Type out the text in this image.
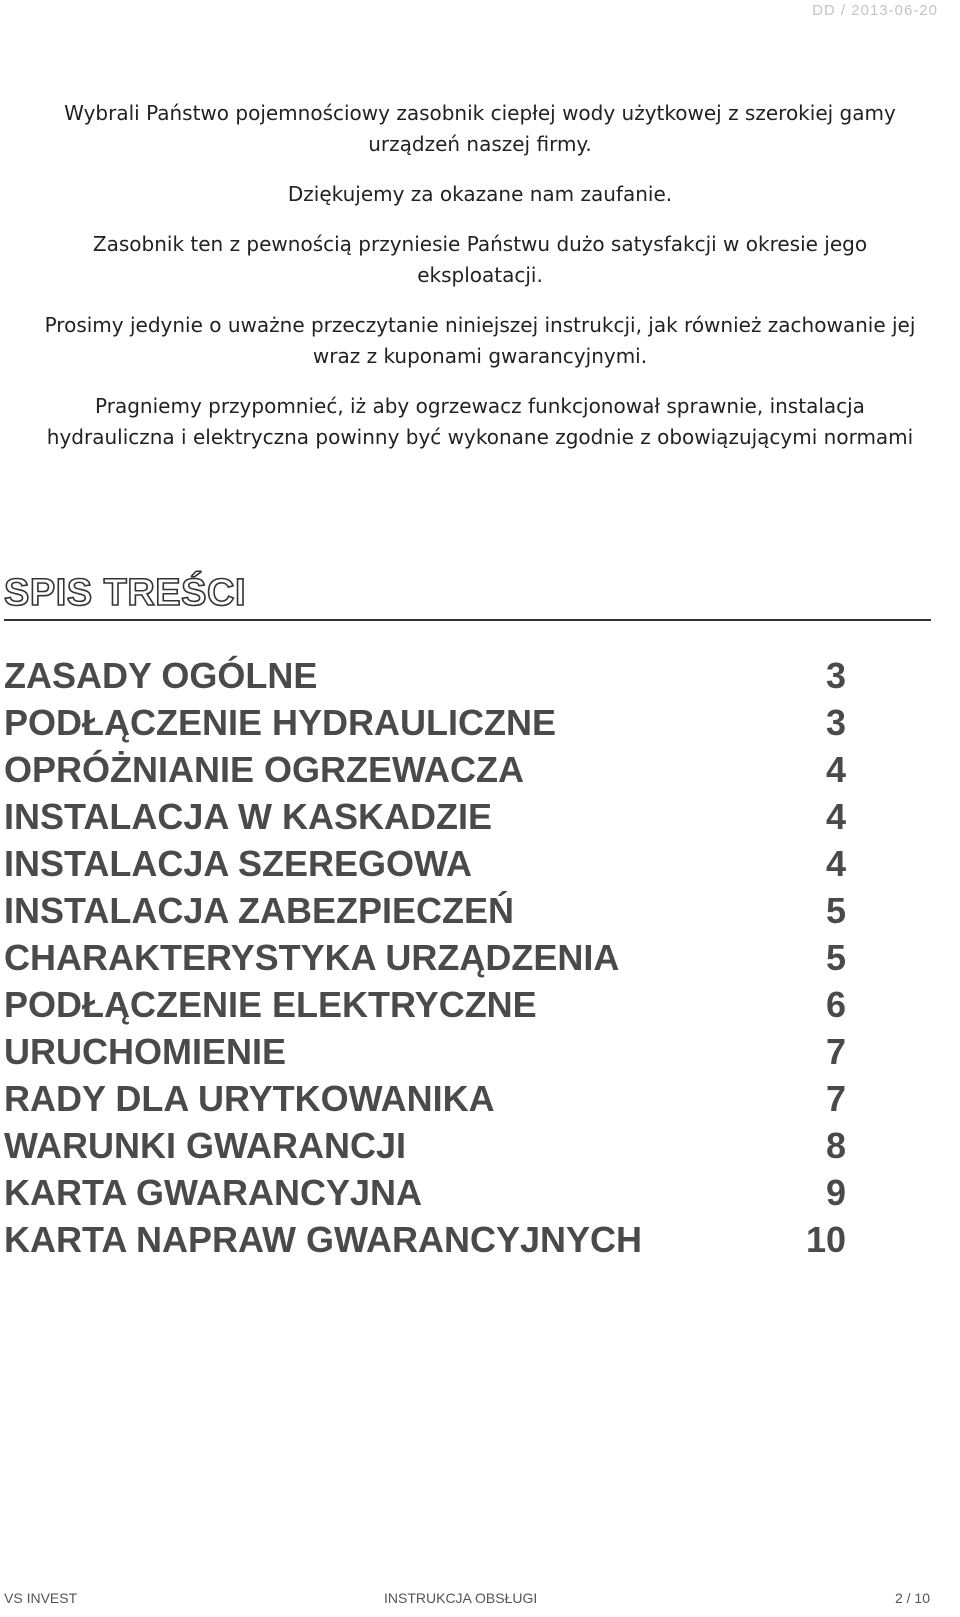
DD / 2013-06-20

Wybrali Państwo pojemnościowy zasobnik ciepłej wody użytkowej z szerokiej gamy urządzeń naszej firmy.

Dziękujemy za okazane nam zaufanie.

Zasobnik ten z pewnością przyniesie Państwu dużo satysfakcji w okresie jego eksploatacji.

Prosimy jedynie o uważne przeczytanie niniejszej instrukcji, jak również zachowanie jej wraz z kuponami gwarancyjnymi.

Pragniemy przypomnieć, iż aby ogrzewacz funkcjonował sprawnie, instalacja hydrauliczna i elektryczna powinny być wykonane zgodnie z obowiązującymi normami

SPIS TREŚCI
ZASADY OGÓLNE	3
PODŁĄCZENIE HYDRAULICZNE	3
OPRÓŻNIANIE OGRZEWACZA	4
INSTALACJA W KASKADZIE	4
INSTALACJA SZEREGOWA	4
INSTALACJA ZABEZPIECZEŃ	5
CHARAKTERYSTYKA URZĄDZENIA	5
PODŁĄCZENIE ELEKTRYCZNE	6
URUCHOMIENIE	7
RADY DLA URYTKOWANIKA	7
WARUNKI GWARANCJI	8
KARTA GWARANCYJNA	9
KARTA NAPRAW GWARANCYJNYCH	10
VS INVEST	INSTRUKCJA OBSŁUGI	2 / 10
